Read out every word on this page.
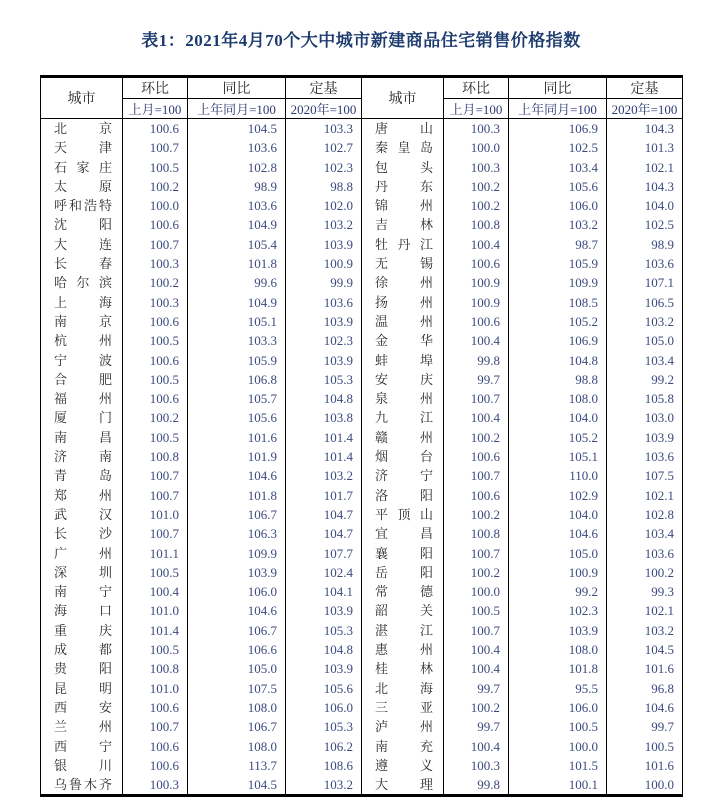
表1：2021年4月70个大中城市新建商品住宅销售价格指数
城市	环比	同比	定基	城市	环比	同比	定基
	上月=100	上年同月=100	2020年=100		上月=100	上年同月=100	2020年=100
北京	100.6	104.5	103.3	唐山	100.3	106.9	104.3
天津	100.7	103.6	102.7	秦皇岛	100.0	102.5	101.3
石家庄	100.5	102.8	102.3	包头	100.3	103.4	102.1
太原	100.2	98.9	98.8	丹东	100.2	105.6	104.3
呼和浩特	100.0	103.6	102.0	锦州	100.2	106.0	104.0
沈阳	100.6	104.9	103.2	吉林	100.8	103.2	102.5
大连	100.7	105.4	103.9	牡丹江	100.4	98.7	98.9
长春	100.3	101.8	100.9	无锡	100.6	105.9	103.6
哈尔滨	100.2	99.6	99.9	徐州	100.9	109.9	107.1
上海	100.3	104.9	103.6	扬州	100.9	108.5	106.5
南京	100.6	105.1	103.9	温州	100.6	105.2	103.2
杭州	100.5	103.3	102.3	金华	100.4	106.9	105.0
宁波	100.6	105.9	103.9	蚌埠	99.8	104.8	103.4
合肥	100.5	106.8	105.3	安庆	99.7	98.8	99.2
福州	100.6	105.7	104.8	泉州	100.7	108.0	105.8
厦门	100.2	105.6	103.8	九江	100.4	104.0	103.0
南昌	100.5	101.6	101.4	赣州	100.2	105.2	103.9
济南	100.8	101.9	101.4	烟台	100.6	105.1	103.6
青岛	100.7	104.6	103.2	济宁	100.7	110.0	107.5
郑州	100.7	101.8	101.7	洛阳	100.6	102.9	102.1
武汉	101.0	106.7	104.7	平顶山	100.2	104.0	102.8
长沙	100.7	106.3	104.7	宜昌	100.8	104.6	103.4
广州	101.1	109.9	107.7	襄阳	100.7	105.0	103.6
深圳	100.5	103.9	102.4	岳阳	100.2	100.9	100.2
南宁	100.4	106.0	104.1	常德	100.0	99.2	99.3
海口	101.0	104.6	103.9	韶关	100.5	102.3	102.1
重庆	101.4	106.7	105.3	湛江	100.7	103.9	103.2
成都	100.5	106.6	104.8	惠州	100.4	108.0	104.5
贵阳	100.8	105.0	103.9	桂林	100.4	101.8	101.6
昆明	101.0	107.5	105.6	北海	99.7	95.5	96.8
西安	100.6	108.0	106.0	三亚	100.2	106.0	104.6
兰州	100.7	106.7	105.3	泸州	99.7	100.5	99.7
西宁	100.6	108.0	106.2	南充	100.4	100.0	100.5
银川	100.6	113.7	108.6	遵义	100.3	101.5	101.6
乌鲁木齐	100.3	104.5	103.2	大理	99.8	100.1	100.0
